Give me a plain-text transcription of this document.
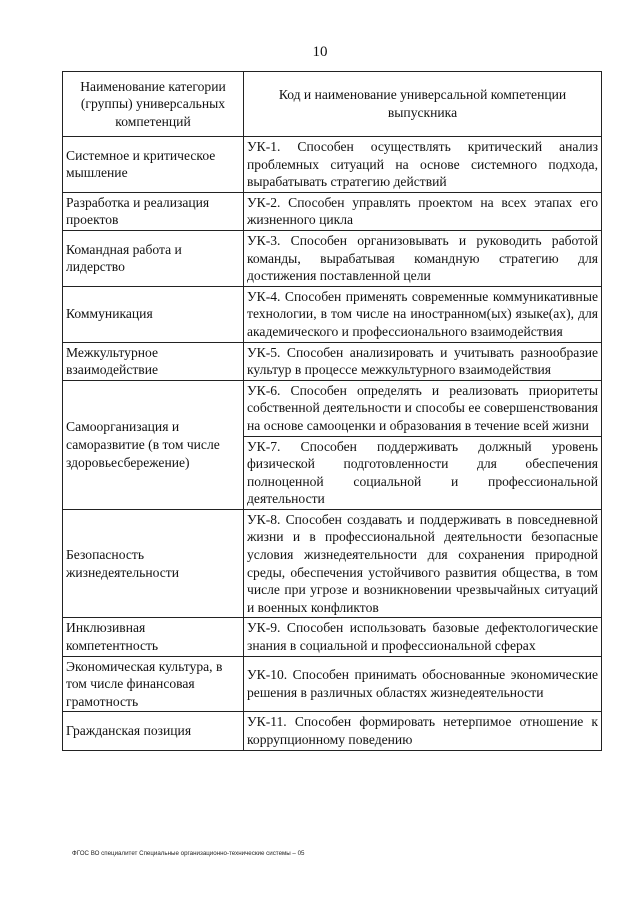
10
Наименование категории (группы) универсальных компетенций	Код и наименование универсальной компетенции выпускника
Системное и критическое мышление	УК-1. Способен осуществлять критический анализ проблемных ситуаций на основе системного подхода, вырабатывать стратегию действий
Разработка и реализация проектов	УК-2. Способен управлять проектом на всех этапах его жизненного цикла
Командная работа и лидерство	УК-3. Способен организовывать и руководить работой команды, вырабатывая командную стратегию для достижения поставленной цели
Коммуникация	УК-4. Способен применять современные коммуникативные технологии, в том числе на иностранном(ых) языке(ах), для академического и профессионального взаимодействия
Межкультурное взаимодействие	УК-5. Способен анализировать и учитывать разнообразие культур в процессе межкультурного взаимодействия
Самоорганизация и саморазвитие (в том числе здоровьесбережение)	УК-6. Способен определять и реализовать приоритеты собственной деятельности и способы ее совершенствования на основе самооценки и образования в течение всей жизни
	УК-7. Способен поддерживать должный уровень физической подготовленности для обеспечения полноценной социальной и профессиональной деятельности
Безопасность жизнедеятельности	УК-8. Способен создавать и поддерживать в повседневной жизни и в профессиональной деятельности безопасные условия жизнедеятельности для сохранения природной среды, обеспечения устойчивого развития общества, в том числе при угрозе и возникновении чрезвычайных ситуаций и военных конфликтов
Инклюзивная компетентность	УК-9. Способен использовать базовые дефектологические знания в социальной и профессиональной сферах
Экономическая культура, в том числе финансовая грамотность	УК-10. Способен принимать обоснованные экономические решения в различных областях жизнедеятельности
Гражданская позиция	УК-11. Способен формировать нетерпимое отношение к коррупционному поведению
ФГОС ВО специалитет Специальные организационно-технические системы – 05
